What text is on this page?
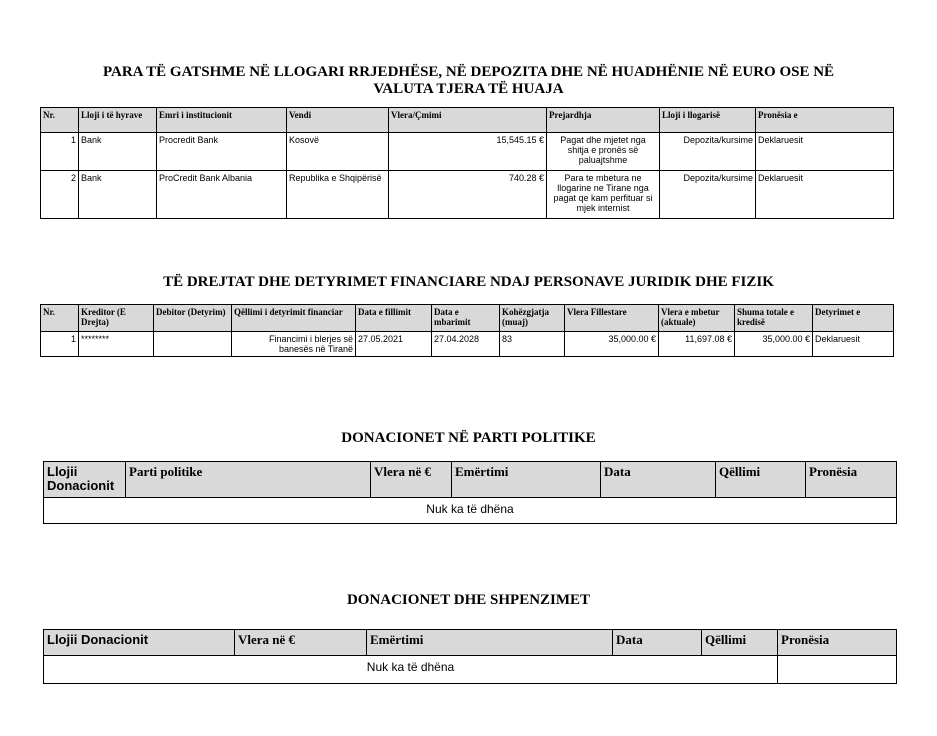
PARA TË GATSHME NË LLOGARI RRJEDHËSE, NË DEPOZITA DHE NË HUADHËNIE NË EURO OSE NË
VALUTA TJERA TË HUAJA
Nr.	Lloji i të hyrave	Emri i institucionit	Vendi	Vlera/Çmimi	Prejardhja	Lloji i llogarisë	Pronësia e
1	Bank	Procredit Bank	Kosovë	15,545.15 €	Pagat dhe mjetet nga shitja e pronës së paluajtshme	Depozita/kursime	Deklaruesit
2	Bank	ProCredit Bank Albania	Republika e Shqipërisë	740.28 €	Para te mbetura ne llogarine ne Tirane nga pagat qe kam perfituar si mjek internist	Depozita/kursime	Deklaruesit
TË DREJTAT DHE DETYRIMET FINANCIARE NDAJ PERSONAVE JURIDIK DHE FIZIK
Nr.	Kreditor (E Drejta)	Debitor (Detyrim)	Qëllimi i detyrimit financiar	Data e fillimit	Data e mbarimit	Kohëzgjatja (muaj)	Vlera Fillestare	Vlera e mbetur (aktuale)	Shuma totale e kredisë	Detyrimet e
1	********		Financimi i blerjes së banesës në Tiranë	27.05.2021	27.04.2028	83	35,000.00 €	11,697.08 €	35,000.00 €	Deklaruesit
DONACIONET NË PARTI POLITIKE
Llojii Donacionit	Parti politike	Vlera në €	Emërtimi	Data	Qëllimi	Pronësia
Nuk ka të dhëna
DONACIONET DHE SHPENZIMET
Llojii Donacionit	Vlera në €	Emërtimi	Data	Qëllimi	Pronësia
Nuk ka të dhëna					
